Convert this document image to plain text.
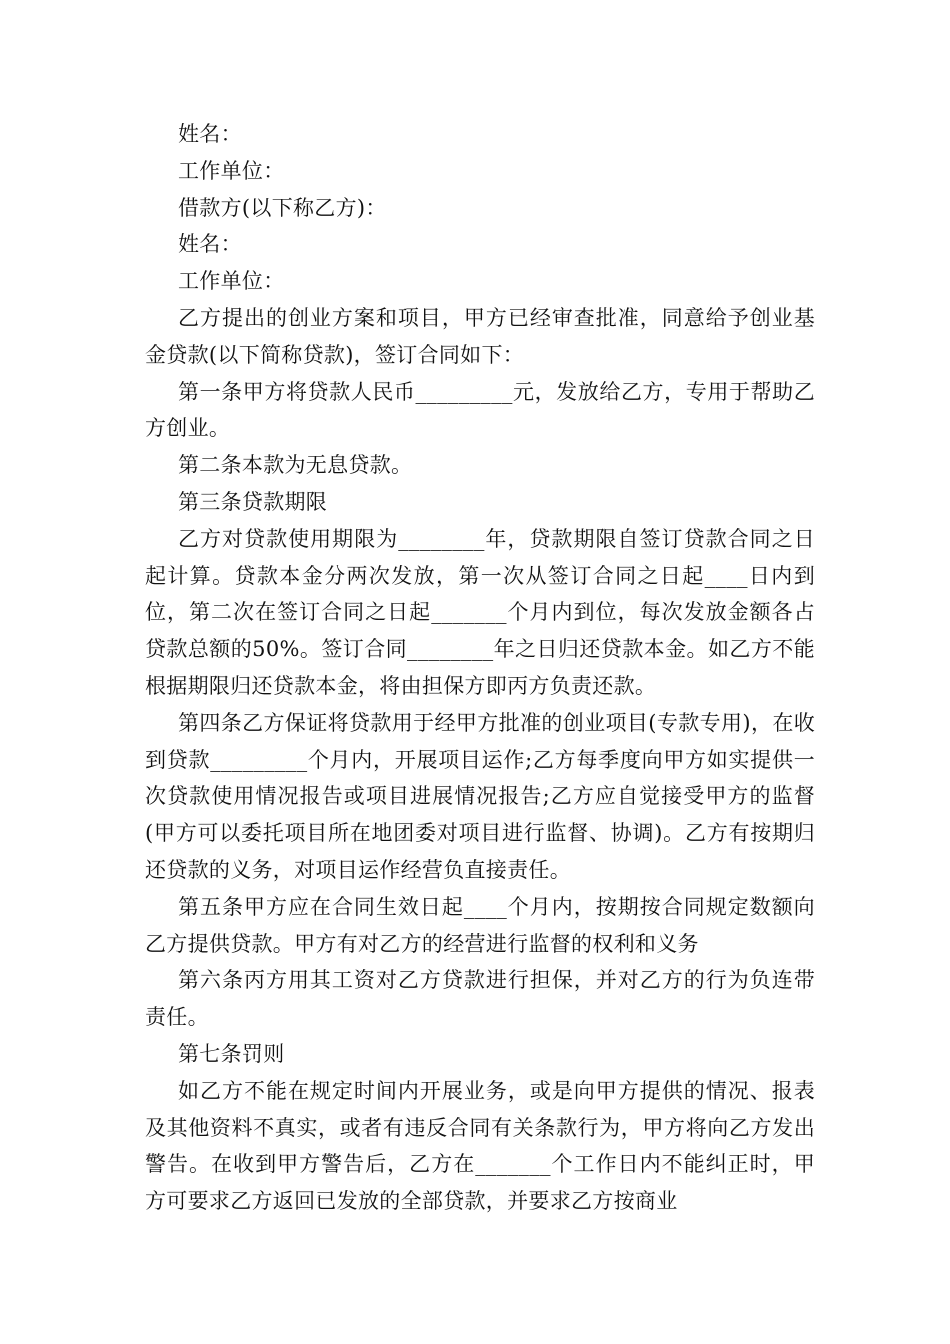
姓名：

工作单位：

借款方(以下称乙方)：

姓名：

工作单位：

乙方提出的创业方案和项目，甲方已经审查批准，同意给予创业基金贷款(以下简称贷款)，签订合同如下：

第一条甲方将贷款人民币_________元，发放给乙方，专用于帮助乙方创业。

第二条本款为无息贷款。

第三条贷款期限

乙方对贷款使用期限为________年，贷款期限自签订贷款合同之日起计算。贷款本金分两次发放，第一次从签订合同之日起____日内到位，第二次在签订合同之日起_______个月内到位，每次发放金额各占贷款总额的50%。签订合同________年之日归还贷款本金。如乙方不能根据期限归还贷款本金，将由担保方即丙方负责还款。

第四条乙方保证将贷款用于经甲方批准的创业项目(专款专用)，在收到贷款_________个月内，开展项目运作;乙方每季度向甲方如实提供一次贷款使用情况报告或项目进展情况报告;乙方应自觉接受甲方的监督(甲方可以委托项目所在地团委对项目进行监督、协调)。乙方有按期归还贷款的义务，对项目运作经营负直接责任。

第五条甲方应在合同生效日起____个月内，按期按合同规定数额向乙方提供贷款。甲方有对乙方的经营进行监督的权利和义务

第六条丙方用其工资对乙方贷款进行担保，并对乙方的行为负连带责任。

第七条罚则

如乙方不能在规定时间内开展业务，或是向甲方提供的情况、报表及其他资料不真实，或者有违反合同有关条款行为，甲方将向乙方发出警告。在收到甲方警告后，乙方在_______个工作日内不能纠正时，甲方可要求乙方返回已发放的全部贷款，并要求乙方按商业
